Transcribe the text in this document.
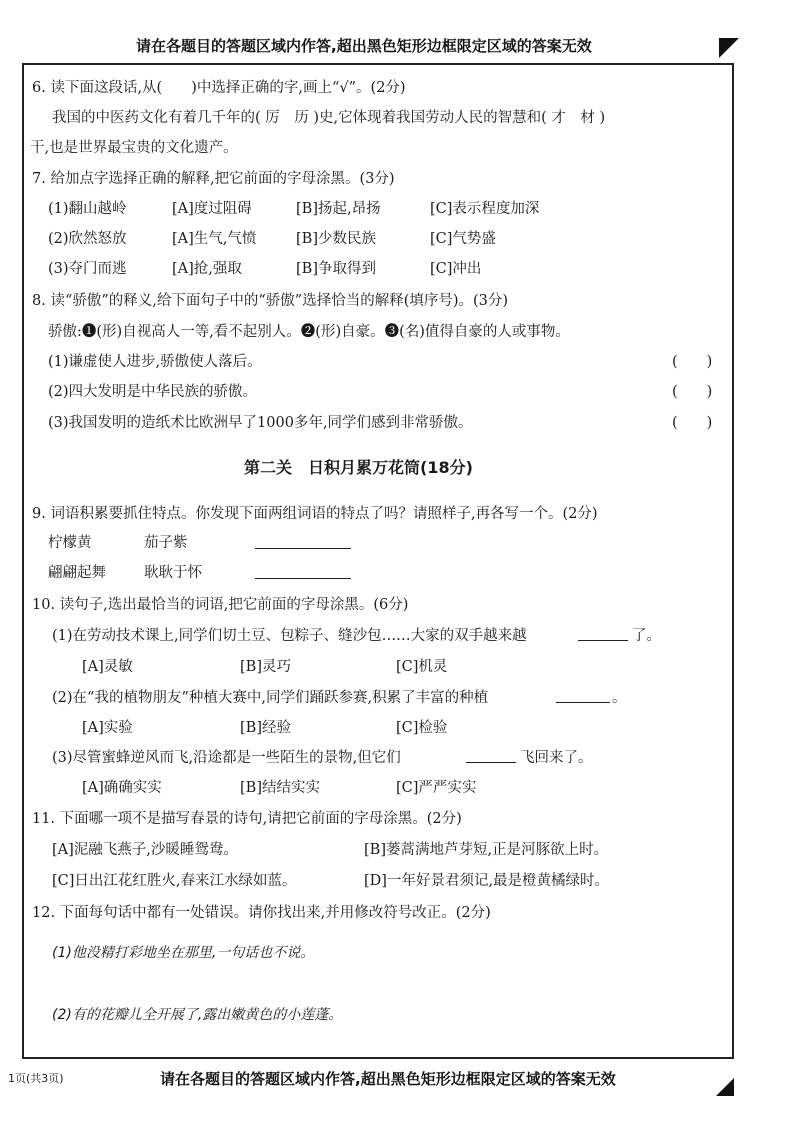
请在各题目的答题区域内作答,超出黑色矩形边框限定区域的答案无效
6. 读下面这段话,从(　　)中选择正确的字,画上“√”。(2分)
我国的中医药文化有着几千年的( 厉　历 )史,它体现着我国劳动人民的智慧和( 才　材 )
干,也是世界最宝贵的文化遗产。
7. 给加点字选择正确的解释,把它前面的字母涂黑。(3分)
(1)翻山越岭	[A]度过阻碍	[B]扬起,昂扬	[C]表示程度加深
(2)欣然怒放	[A]生气,气愤	[B]少数民族	[C]气势盛
(3)夺门而逃	[A]抢,强取	[B]争取得到	[C]冲出
8. 读“骄傲”的释义,给下面句子中的“骄傲”选择恰当的解释(填序号)。(3分)
骄傲:❶(形)自视高人一等,看不起别人。❷(形)自豪。❸(名)值得自豪的人或事物。
(1)谦虚使人进步,骄傲使人落后。	(　　)
(2)四大发明是中华民族的骄傲。	(　　)
(3)我国发明的造纸术比欧洲早了1000多年,同学们感到非常骄傲。	(　　)
第二关　日积月累万花筒(18分)
9. 词语积累要抓住特点。你发现下面两组词语的特点了吗？请照样子,再各写一个。(2分)
柠檬黄	茄子紫
翩翩起舞	耿耿于怀
10. 读句子,选出最恰当的词语,把它前面的字母涂黑。(6分)
(1)在劳动技术课上,同学们切土豆、包粽子、缝沙包……大家的双手越来越	了。
[A]灵敏	[B]灵巧	[C]机灵
(2)在“我的植物朋友”种植大赛中,同学们踊跃参赛,积累了丰富的种植	。
[A]实验	[B]经验	[C]检验
(3)尽管蜜蜂逆风而飞,沿途都是一些陌生的景物,但它们	飞回来了。
[A]确确实实	[B]结结实实	[C]严严实实
11. 下面哪一项不是描写春景的诗句,请把它前面的字母涂黑。(2分)
[A]泥融飞燕子,沙暖睡鸳鸯。	[B]蒌蒿满地芦芽短,正是河豚欲上时。
[C]日出江花红胜火,春来江水绿如蓝。	[D]一年好景君须记,最是橙黄橘绿时。
12. 下面每句话中都有一处错误。请你找出来,并用修改符号改正。(2分)
(1)他没精打彩地坐在那里,一句话也不说。
(2)有的花瓣儿全开展了,露出嫩黄色的小莲蓬。
1页(共3页)	请在各题目的答题区域内作答,超出黑色矩形边框限定区域的答案无效
